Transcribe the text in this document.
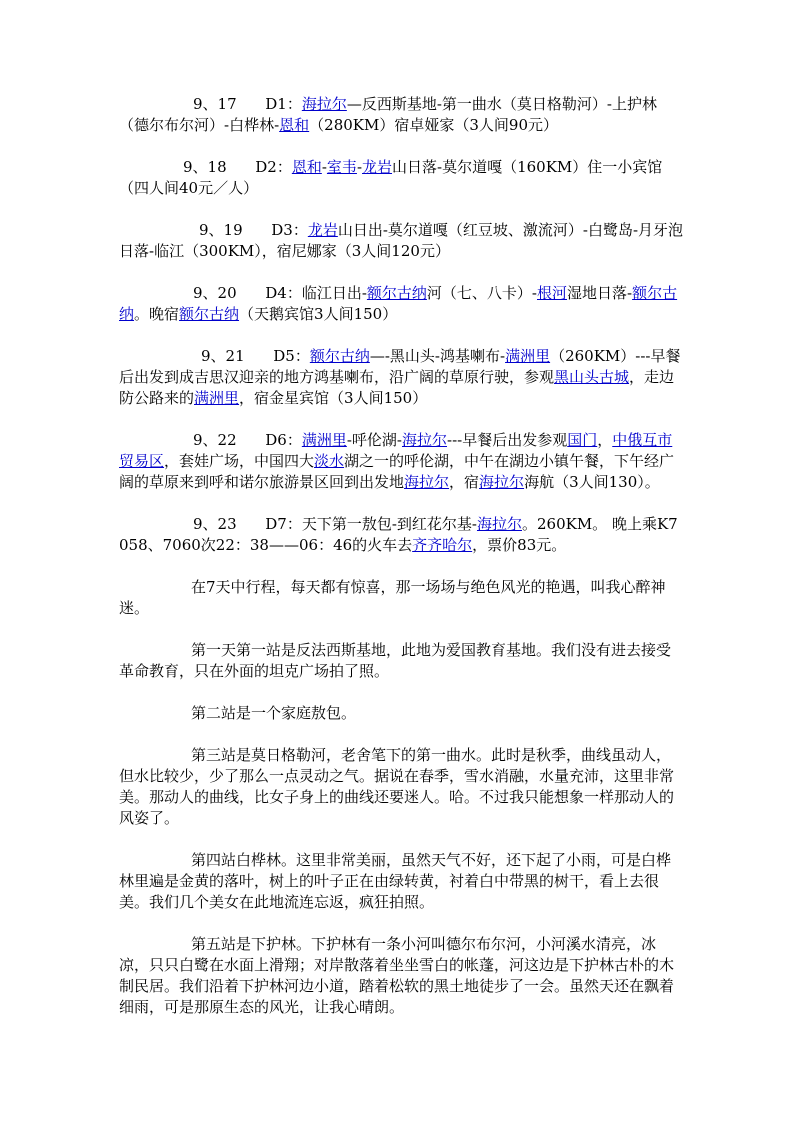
9、17 D1：海拉尔—反西斯基地-第一曲水（莫日格勒河）-上护林（德尔布尔河）-白桦林-恩和（280KM）宿卓娅家（3人间90元）

9、18 D2：恩和-室韦-龙岩山日落-莫尔道嘎（160KM）住一小宾馆（四人间40元／人）

9、19 D3：龙岩山日出-莫尔道嘎（红豆坡、激流河）-白鹭岛-月牙泡日落-临江（300KM），宿尼娜家（3人间120元）

9、20 D4：临江日出-额尔古纳河（七、八卡）-根河湿地日落-额尔古纳。晚宿额尔古纳（天鹅宾馆3人间150）

9、21 D5：额尔古纳—-黑山头-鸿基喇布-满洲里（260KM）---早餐后出发到成吉思汉迎亲的地方鸿基喇布，沿广阔的草原行驶，参观黑山头古城，走边防公路来的满洲里，宿金星宾馆（3人间150）

9、22 D6：满洲里-呼伦湖-海拉尔---早餐后出发参观国门，中俄互市贸易区，套娃广场，中国四大淡水湖之一的呼伦湖，中午在湖边小镇午餐，下午经广阔的草原来到呼和诺尔旅游景区回到出发地海拉尔，宿海拉尔海航（3人间130）。

9、23 D7：天下第一敖包-到红花尔基-海拉尔。260KM。 晚上乘K7058、7060次22：38——06：46的火车去齐齐哈尔，票价83元。

在7天中行程，每天都有惊喜，那一场场与绝色风光的艳遇，叫我心醉神迷。

第一天第一站是反法西斯基地，此地为爱国教育基地。我们没有进去接受革命教育，只在外面的坦克广场拍了照。

第二站是一个家庭敖包。

第三站是莫日格勒河，老舍笔下的第一曲水。此时是秋季，曲线虽动人，但水比较少，少了那么一点灵动之气。据说在春季，雪水消融，水量充沛，这里非常美。那动人的曲线，比女子身上的曲线还要迷人。哈。不过我只能想象一样那动人的风姿了。

第四站白桦林。这里非常美丽，虽然天气不好，还下起了小雨，可是白桦林里遍是金黄的落叶，树上的叶子正在由绿转黄，衬着白中带黑的树干，看上去很美。我们几个美女在此地流连忘返，疯狂拍照。

第五站是下护林。下护林有一条小河叫德尔布尔河，小河溪水清亮，冰凉，只只白鹭在水面上滑翔；对岸散落着坐坐雪白的帐蓬，河这边是下护林古朴的木制民居。我们沿着下护林河边小道，踏着松软的黑土地徒步了一会。虽然天还在飘着细雨，可是那原生态的风光，让我心晴朗。
